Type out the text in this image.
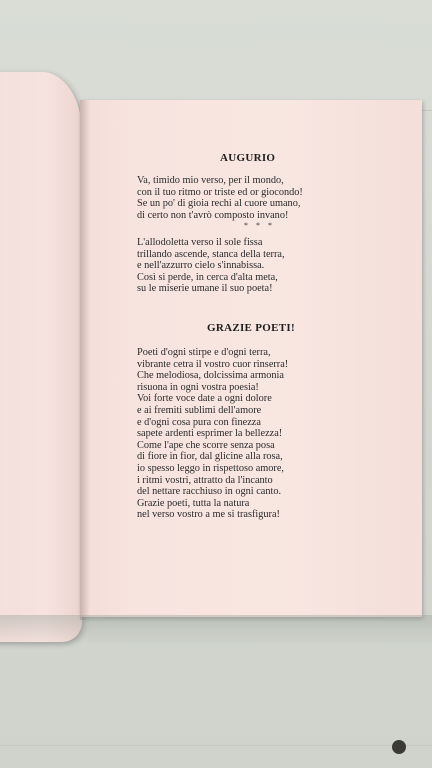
AUGURIO
Va, timido mio verso, per il mondo,
con il tuo ritmo or triste ed or giocondo!
Se un po' di gioia rechi al cuore umano,
di certo non t'avrò composto invano!
* * *
L'allodoletta verso il sole fissa
trillando ascende, stanca della terra,
e nell'azzurro cielo s'innabissa.
Così si perde, in cerca d'alta meta,
su le miserie umane il suo poeta!
GRAZIE POETI!
Poeti d'ogni stirpe e d'ogni terra,
vibrante cetra il vostro cuor rinserra!
Che melodiosa, dolcissima armonia
risuona in ogni vostra poesia!
Voi forte voce date a ogni dolore
e ai fremiti sublimi dell'amore
e d'ogni cosa pura con finezza
sapete ardenti esprimer la bellezza!
Come l'ape che scorre senza posa
di fiore in fior, dal glicine alla rosa,
io spesso leggo in rispettoso amore,
i ritmi vostri, attratto da l'incanto
del nettare racchiuso in ogni canto.
Grazie poeti, tutta la natura
nel verso vostro a me si trasfigura!
